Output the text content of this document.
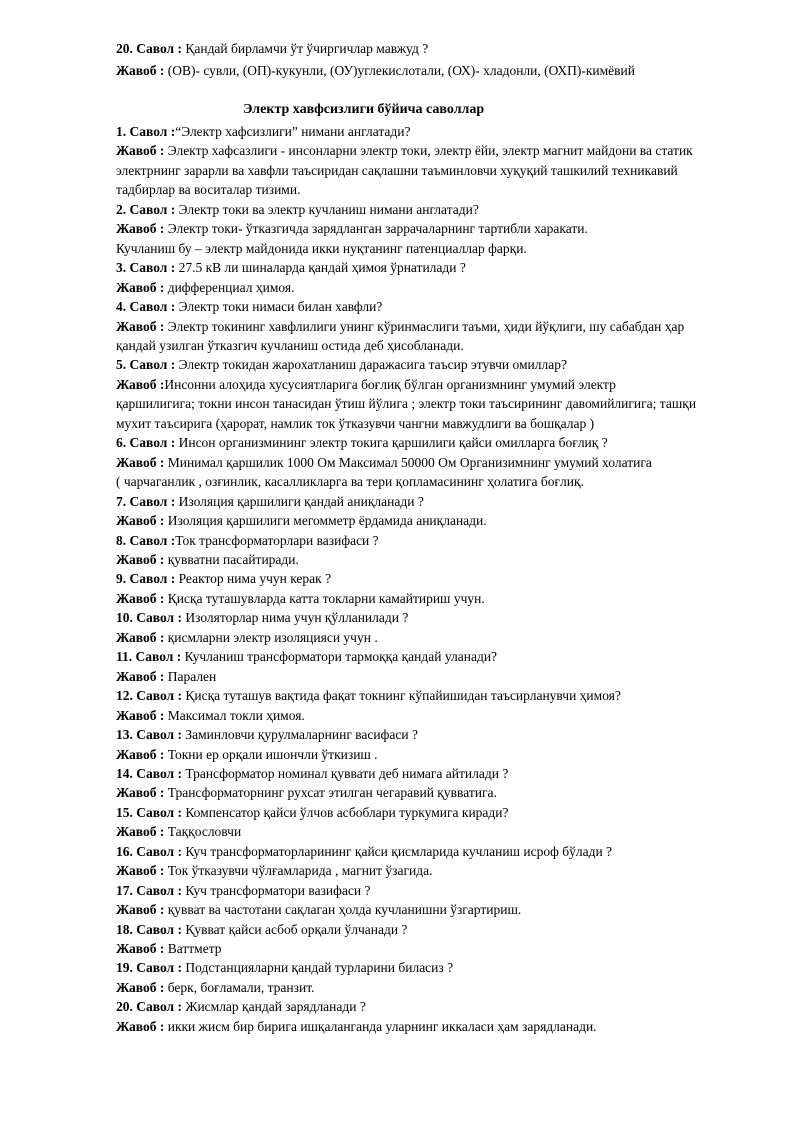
20. Савол : Қандай бирламчи ўт ўчиргичлар мавжуд ?
Жавоб : (ОВ)- сувли, (ОП)-кукунли, (ОУ)углекислотали, (ОХ)- хладонли, (ОХП)-кимёвий
Электр хавфсизлиги бўйича саволлар
1. Савол :“Электр хафсизлиги” нимани англатади?
Жавоб : Электр хафсазлиги - инсонларни электр токи, электр ёйи, электр магнит майдони ва статик
электрнинг зарарли ва хавфли таъсиридан сақлашни таъминловчи хуқуқий ташкилий техникавий
тадбирлар ва воситалар тизими.
2. Савол : Электр токи ва электр кучланиш нимани англатади?
Жавоб : Электр токи- ўтказгичда зарядланган заррачаларнинг тартибли харакати.
Кучланиш бу – электр майдонида икки нуқтанинг патенциаллар фарқи.
3. Савол : 27.5 кВ ли шиналарда қандай ҳимоя ўрнатилади ?
Жавоб : дифференциал ҳимоя.
4. Савол : Электр токи нимаси билан хавфли?
Жавоб : Электр токининг хавфлилиги унинг кўринмаслиги таъми, ҳиди йўқлиги, шу сабабдан ҳар
қандай узилган ўтказгич кучланиш остида деб ҳисобланади.
5. Савол : Электр токидан жарохатланиш даражасига таъсир этувчи омиллар?
Жавоб :Инсонни алоҳида хусусиятларига боғлиқ бўлган организмнинг умумий электр
қаршилигига; токни инсон танасидан ўтиш йўлига ; электр токи таъсирининг давомийлигига; ташқи
мухит таъсирига (ҳарорат, намлик ток ўтказувчи чангни мавжудлиги ва бошқалар )
6. Савол : Инсон организмининг электр токига қаршилиги қайси омилларга боғлиқ ?
Жавоб : Минимал қаршилик 1000 Ом Максимал 50000 Ом Организимнинг умумий холатига
( чарчаганлик , озғинлик, касалликларга ва тери қопламасининг ҳолатига боғлиқ.
7. Савол : Изоляция қаршилиги қандай аниқланади ?
Жавоб : Изоляция қаршилиги мегоммeтр ёрдамида аниқланади.
8. Савол :Ток трансформаторлари вазифаси ?
Жавоб : қувватни пасайтиради.
9. Савол : Реактор нима учун керак ?
Жавоб : Қисқа туташувларда катта токларни камайтириш учун.
10. Савол : Изоляторлар нима учун қўлланилади ?
Жавоб : қисмларни электр изоляцияси учун .
11. Савол : Кучланиш трансформатори тармоққа қандай уланади?
Жавоб : Парален
12. Савол : Қисқа туташув вақтида фақат токнинг кўпайишидан таъсирланувчи ҳимоя?
Жавоб : Максимал токли ҳимоя.
13. Савол : Заминловчи қурулмаларнинг васифаси ?
Жавоб : Токни ер орқали ишончли ўткизиш .
14. Савол : Трансформатор номинал қуввати деб нимага айтилади ?
Жавоб : Трансформаторнинг рухсат этилган чегаравий қувватига.
15. Савол : Компенсатор қайси ўлчов асбоблари туркумига киради?
Жавоб : Таққословчи
16. Савол : Куч трансформаторларининг қайси қисмларида кучланиш исроф бўлади ?
Жавоб : Ток ўтказувчи чўлғамларида , магнит ўзагида.
17. Савол : Куч трансформатори вазифаси ?
Жавоб : қувват ва частотани сақлаган ҳолда кучланишни ўзгартириш.
18. Савол : Қувват қайси асбоб орқали ўлчанади ?
Жавоб : Ваттметр
19. Савол : Подстанцияларни қандай турларини биласиз ?
Жавоб : берк, боғламали, транзит.
20. Савол : Жисмлар қандай зарядланади ?
Жавоб : икки жисм бир бирига ишқаланганда уларнинг иккаласи ҳам зарядланади.
